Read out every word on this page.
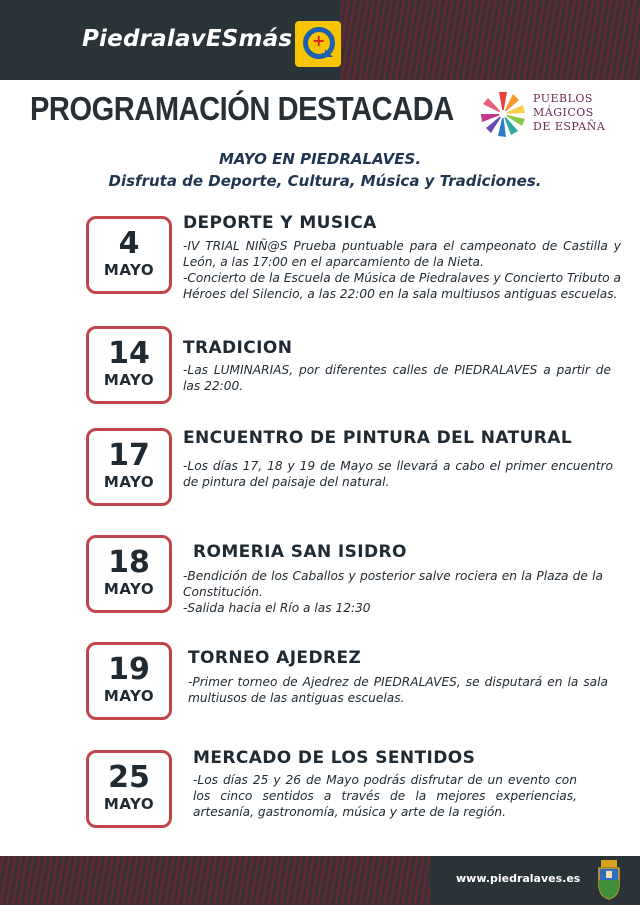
PiedralavESmás +
PROGRAMACIÓN DESTACADA	PUEBLOS
MÁGICOS
DE ESPAÑA
MAYO EN PIEDRALAVES.
Disfruta de Deporte, Cultura, Música y Tradiciones.
4
MAYO
DEPORTE Y MUSICA
-IV TRIAL NIÑ@S Prueba puntuable para el campeonato de Castilla y León, a las 17:00 en el aparcamiento de la Nieta.
-Concierto de la Escuela de Música de Piedralaves y Concierto Tributo a Héroes del Silencio, a las 22:00 en la sala multiusos antiguas escuelas.
14
MAYO
TRADICION
-Las LUMINARIAS, por diferentes calles de PIEDRALAVES a partir de las 22:00.
17
MAYO
ENCUENTRO DE PINTURA DEL NATURAL
-Los días 17, 18 y 19 de Mayo se llevará a cabo el primer encuentro de pintura del paisaje del natural.
18
MAYO
ROMERIA SAN ISIDRO
-Bendición de los Caballos y posterior salve rociera en la Plaza de la Constitución.
-Salida hacia el Río a las 12:30
19
MAYO
TORNEO AJEDREZ
-Primer torneo de Ajedrez de PIEDRALAVES, se disputará en la sala multiusos de las antiguas escuelas.
25
MAYO
MERCADO DE LOS SENTIDOS
-Los días 25 y 26 de Mayo podrás disfrutar de un evento con los cinco sentidos a través de la mejores experiencias, artesanía, gastronomía, música y arte de la región.
www.piedralaves.es
